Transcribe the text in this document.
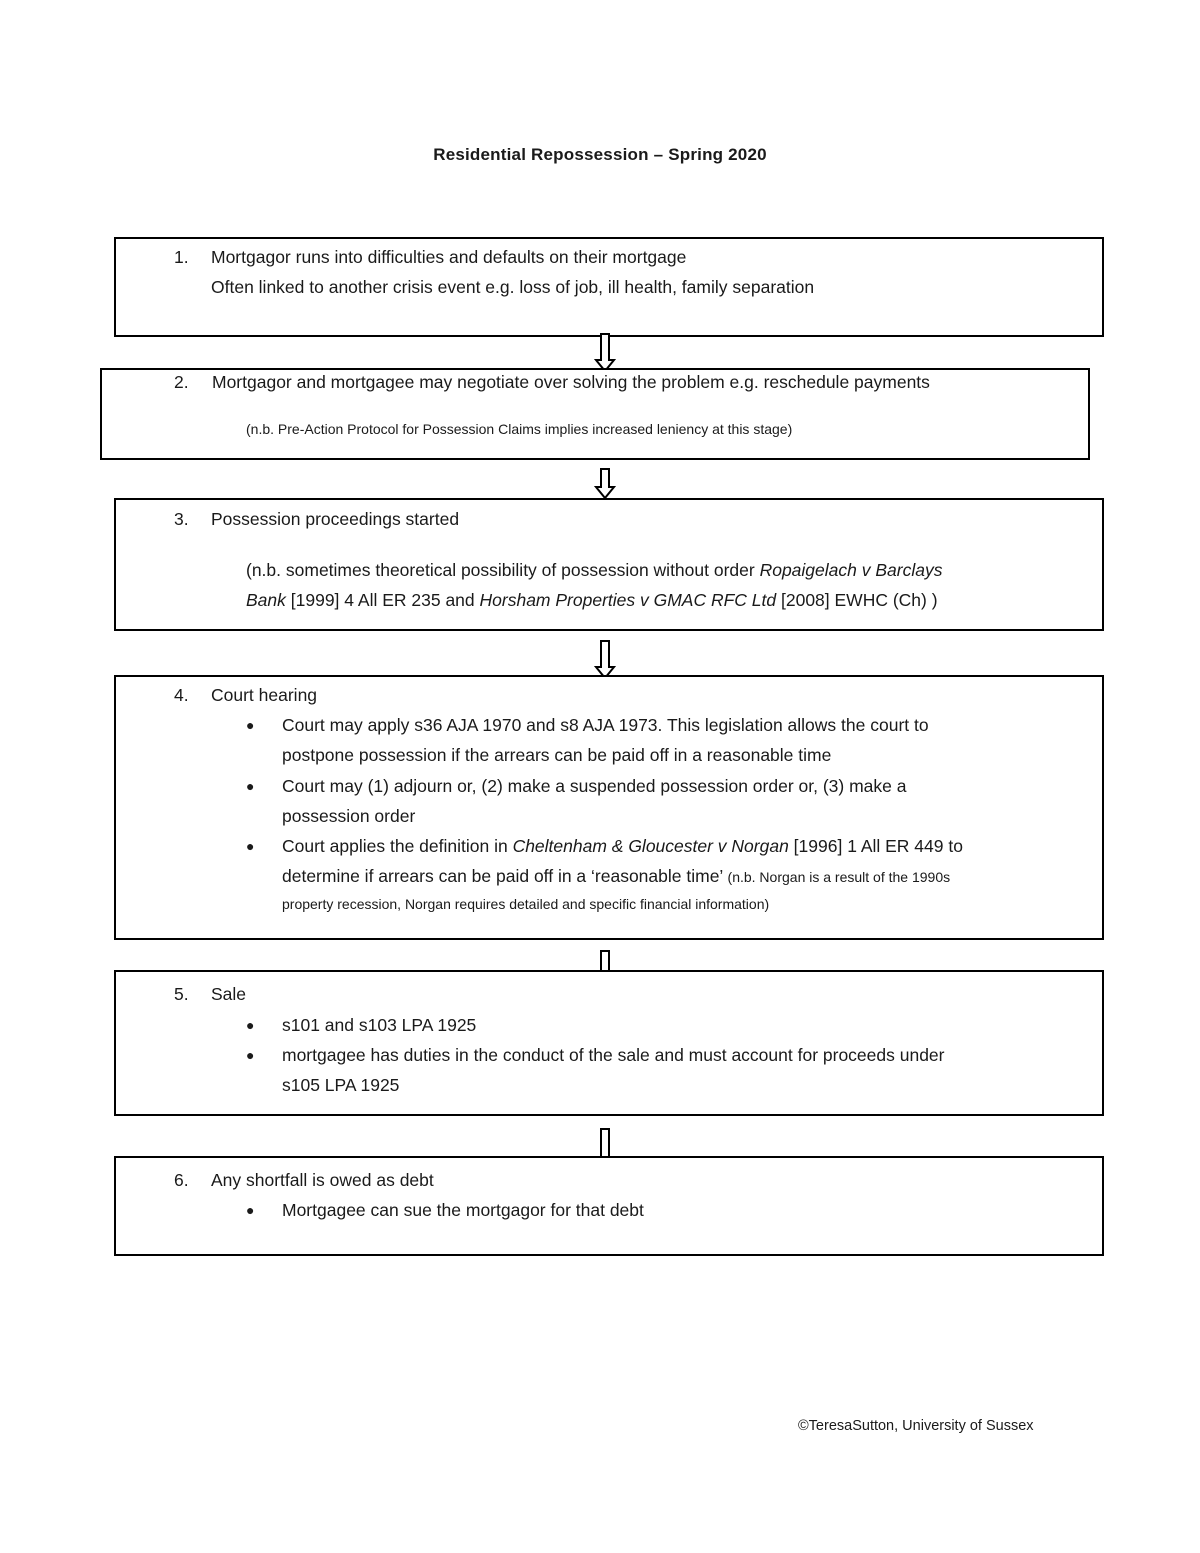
Residential Repossession – Spring 2020
1. Mortgagor runs into difficulties and defaults on their mortgage
Often linked to another crisis event e.g. loss of job, ill health, family separation
2. Mortgagor and mortgagee may negotiate over solving the problem e.g. reschedule payments
(n.b. Pre-Action Protocol for Possession Claims implies increased leniency at this stage)
3. Possession proceedings started
(n.b. sometimes theoretical possibility of possession without order Ropaigelach v Barclays
Bank [1999] 4 All ER 235 and Horsham Properties v GMAC RFC Ltd [2008] EWHC (Ch) )
4. Court hearing
● Court may apply s36 AJA 1970 and s8 AJA 1973. This legislation allows the court to
postpone possession if the arrears can be paid off in a reasonable time
● Court may (1) adjourn or, (2) make a suspended possession order or, (3) make a
possession order
● Court applies the definition in Cheltenham & Gloucester v Norgan [1996] 1 All ER 449 to
determine if arrears can be paid off in a ‘reasonable time’ (n.b. Norgan is a result of the 1990s
property recession, Norgan requires detailed and specific financial information)
5. Sale
● s101 and s103 LPA 1925
● mortgagee has duties in the conduct of the sale and must account for proceeds under
s105 LPA 1925
6. Any shortfall is owed as debt
● Mortgagee can sue the mortgagor for that debt
©TeresaSutton, University of Sussex
